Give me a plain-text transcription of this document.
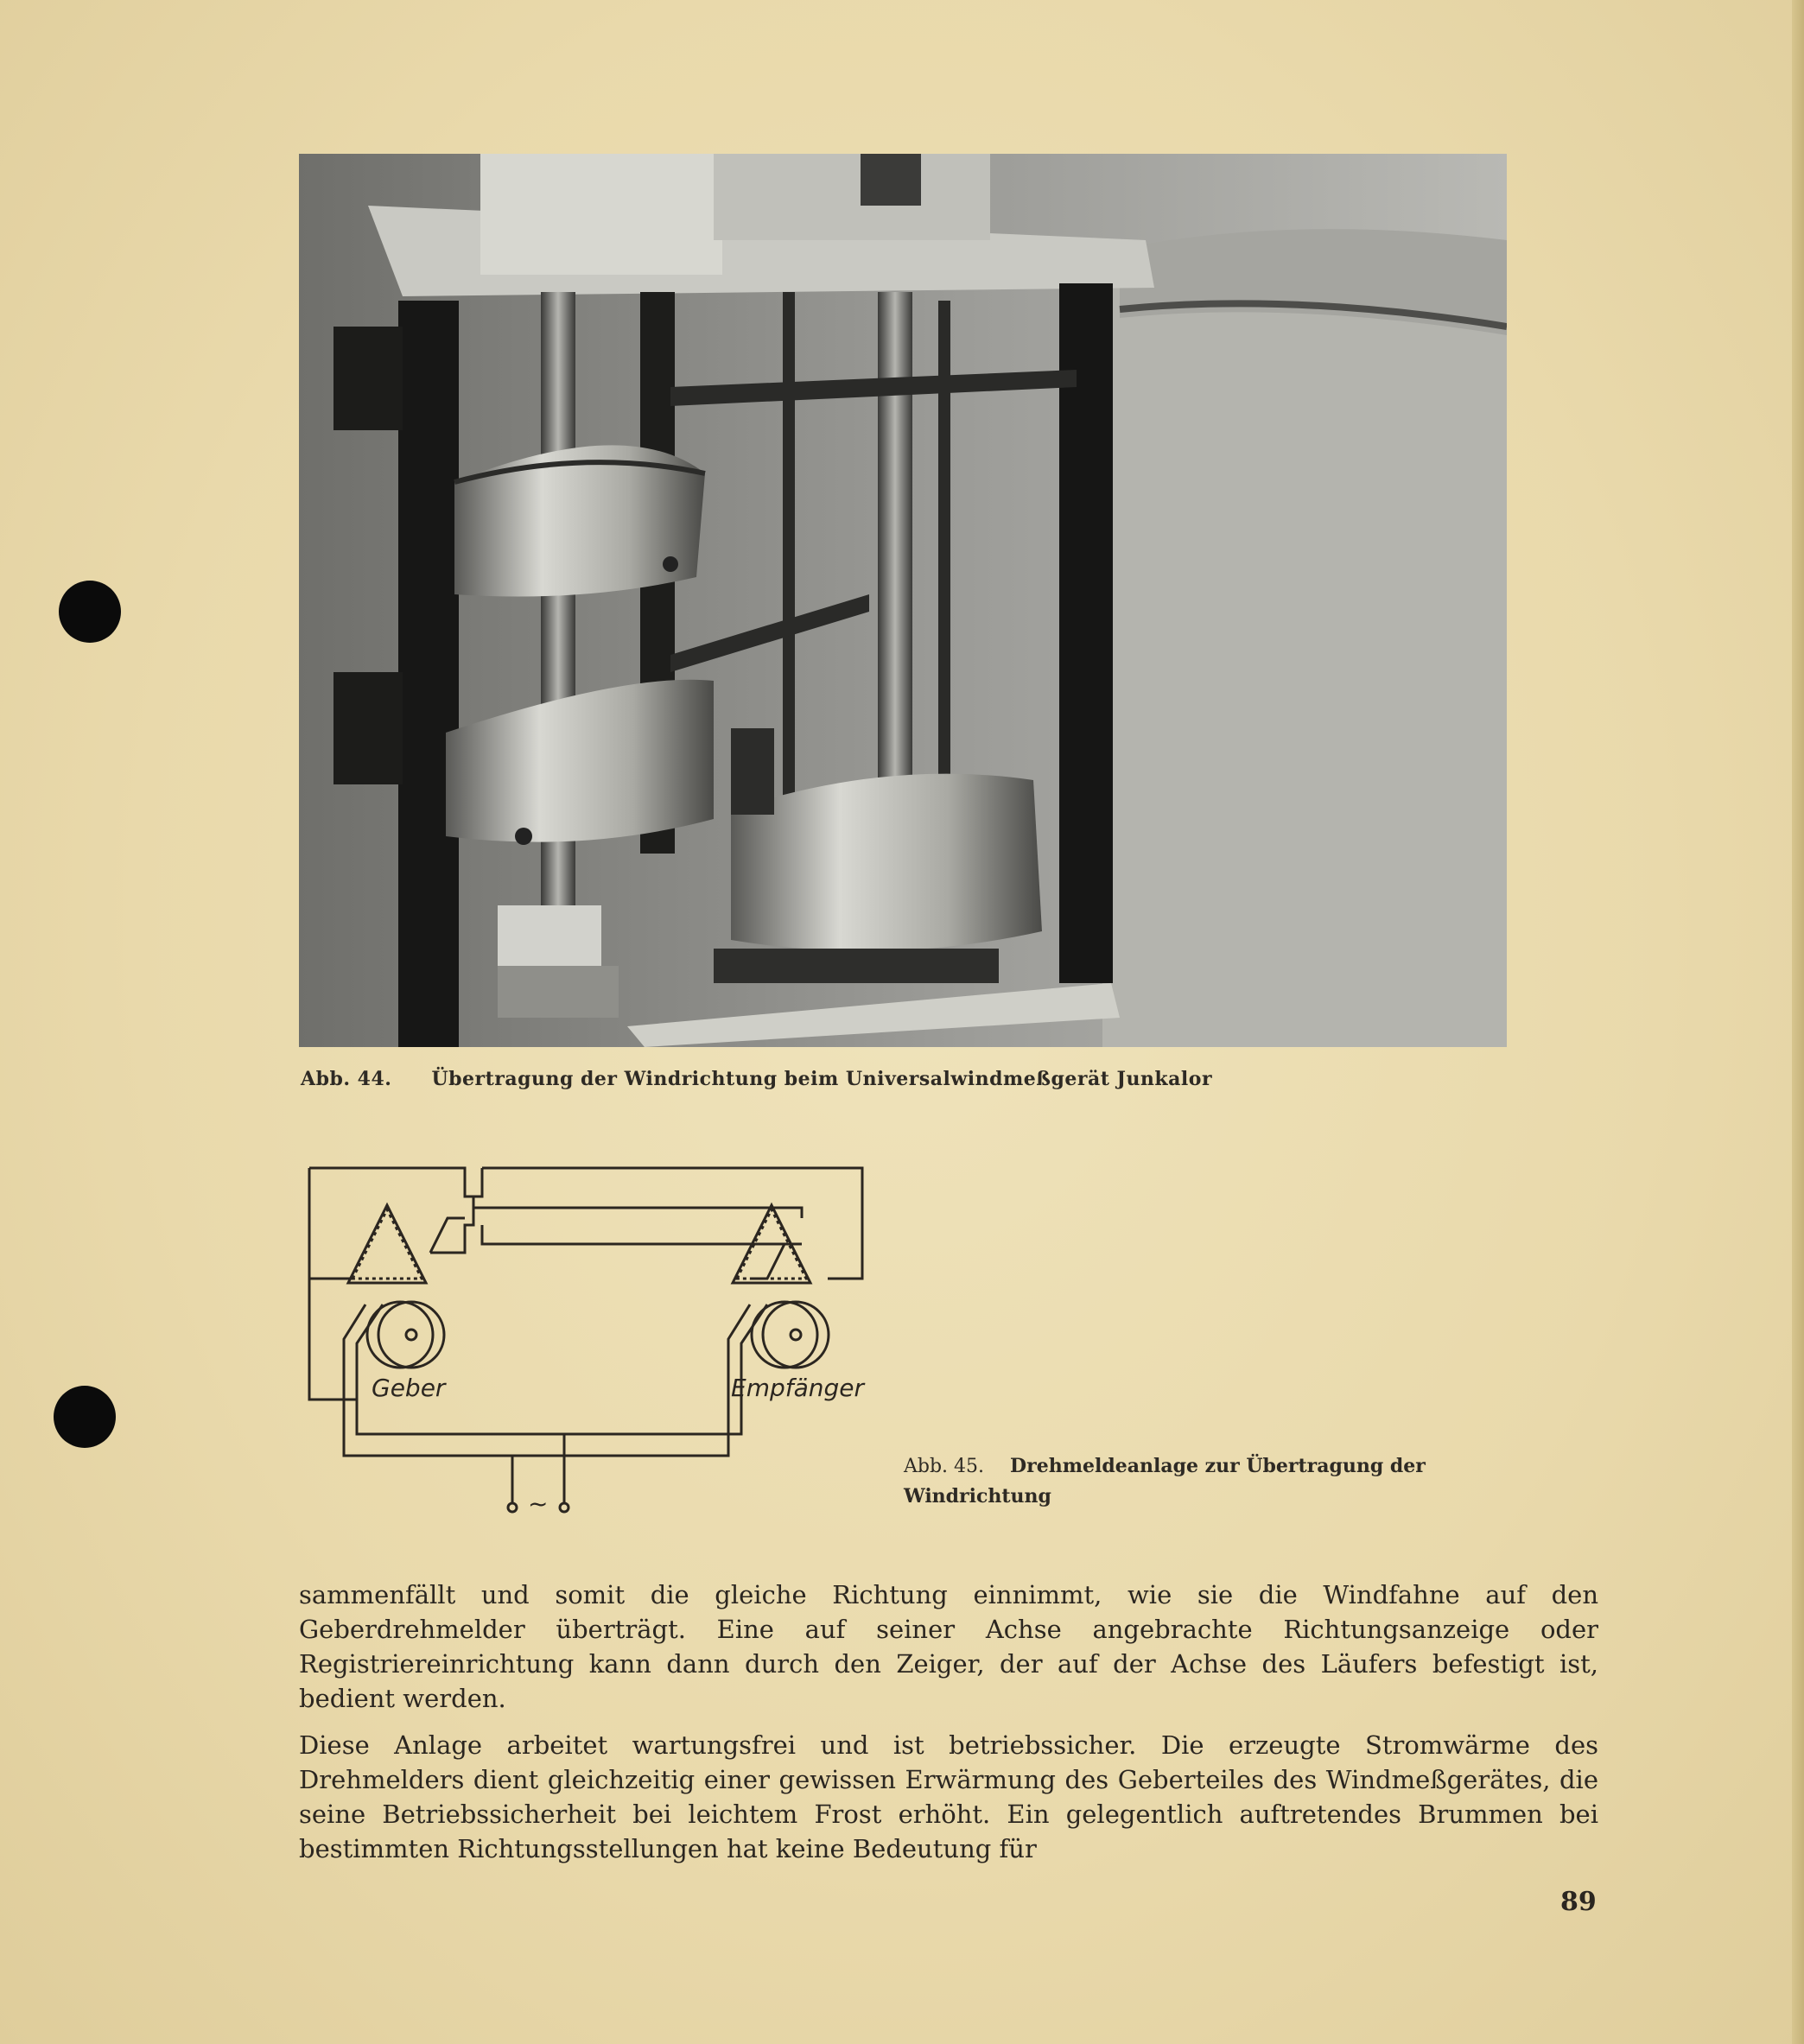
Abb. 44. Übertragung der Windrichtung beim Universalwindmeßgerät Junkalor
Geber	Empfänger
~
Abb. 45. Drehmeldeanlage zur Übertragung der Windrichtung

sammenfällt und somit die gleiche Richtung einnimmt, wie sie die Windfahne auf den Geberdrehmelder überträgt. Eine auf seiner Achse angebrachte Richtungsanzeige oder Registriereinrichtung kann dann durch den Zeiger, der auf der Achse des Läufers befestigt ist, bedient werden.

Diese Anlage arbeitet wartungsfrei und ist betriebssicher. Die erzeugte Stromwärme des Drehmelders dient gleichzeitig einer gewissen Erwärmung des Geberteiles des Windmeßgerätes, die seine Betriebssicherheit bei leichtem Frost erhöht. Ein gelegentlich auftretendes Brummen bei bestimmten Richtungsstellungen hat keine Bedeutung für

89
